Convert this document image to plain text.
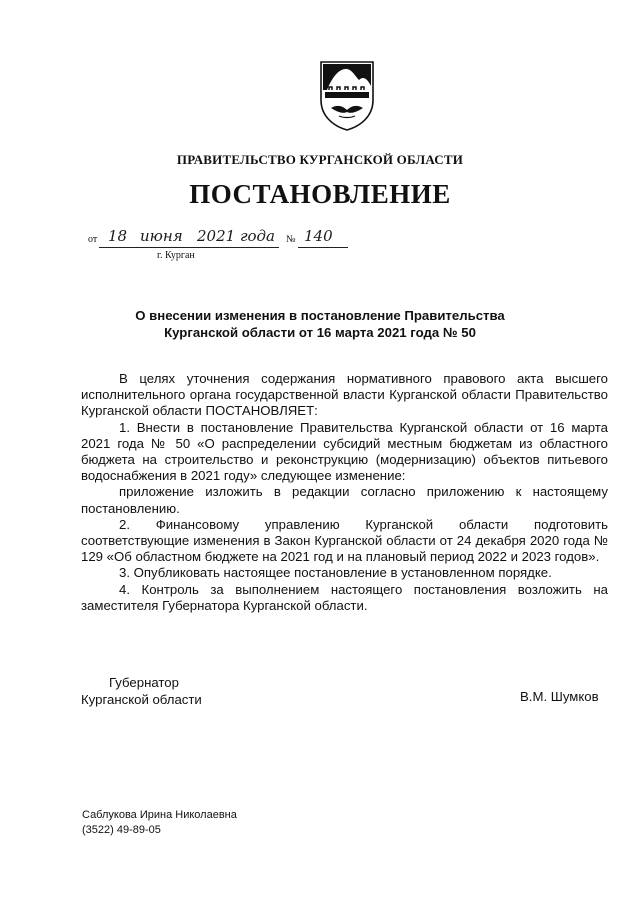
ПРАВИТЕЛЬСТВО КУРГАНСКОЙ ОБЛАСТИ
ПОСТАНОВЛЕНИЕ
от 18 июня 2021 года № 140
г. Курган
О внесении изменения в постановление Правительства
Курганской области от 16 марта 2021 года № 50

В целях уточнения содержания нормативного правового акта высшего исполнительного органа государственной власти Курганской области Правительство Курганской области ПОСТАНОВЛЯЕТ:

1. Внести в постановление Правительства Курганской области от 16 марта 2021 года № 50 «О распределении субсидий местным бюджетам из областного бюджета на строительство и реконструкцию (модернизацию) объектов питьевого водоснабжения в 2021 году» следующее изменение:

приложение изложить в редакции согласно приложению к настоящему постановлению.

2. Финансовому управлению Курганской области подготовить соответствующие изменения в Закон Курганской области от 24 декабря 2020 года № 129 «Об областном бюджете на 2021 год и на плановый период 2022 и 2023 годов».

3. Опубликовать настоящее постановление в установленном порядке.

4. Контроль за выполнением настоящего постановления возложить на заместителя Губернатора Курганской области.

Губернатор
Курганской области	В.М. Шумков
Саблукова Ирина Николаевна
(3522) 49-89-05
